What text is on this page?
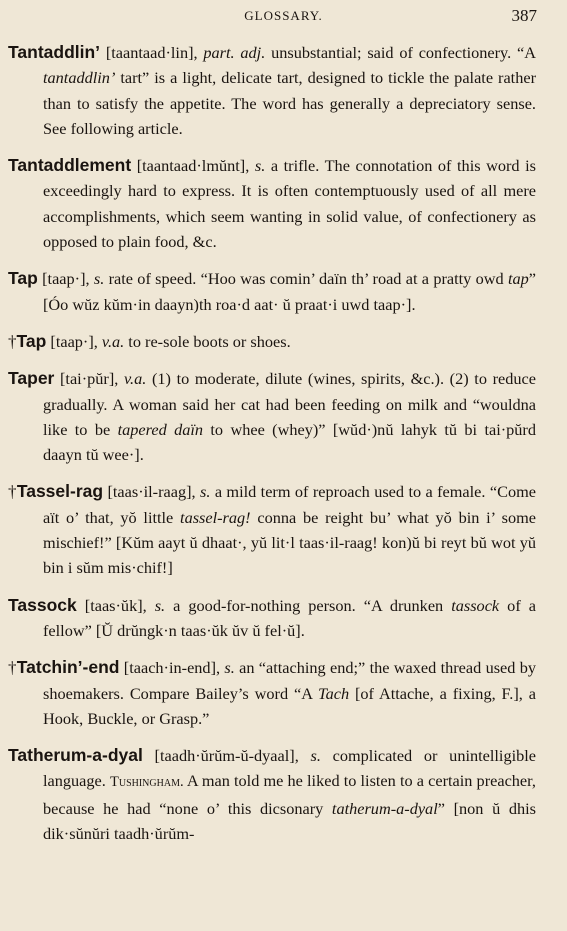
GLOSSARY.	387

Tantaddlin’ [taantaad·lin], part. adj. unsubstantial; said of confectionery. “A tantaddlin’ tart” is a light, delicate tart, designed to tickle the palate rather than to satisfy the appetite. The word has generally a depreciatory sense. See following article.

Tantaddlement [taantaad·lmŭnt], s. a trifle. The connotation of this word is exceedingly hard to express. It is often contemptuously used of all mere accomplishments, which seem wanting in solid value, of confectionery as opposed to plain food, &c.

Tap [taap·], s. rate of speed. “Hoo was comin’ daïn th’ road at a pratty owd tap” [Óo wŭz kŭm·in daayn)th roa·d aat· ŭ praat·i uwd taap·].

†Tap [taap·], v.a. to re-sole boots or shoes.

Taper [tai·pŭr], v.a. (1) to moderate, dilute (wines, spirits, &c.). (2) to reduce gradually. A woman said her cat had been feeding on milk and “wouldna like to be tapered daïn to whee (whey)” [wŭd·)nŭ lahyk tŭ bi tai·pŭrd daayn tŭ wee·].

†Tassel-rag [taas·il-raag], s. a mild term of reproach used to a female. “Come aït o’ that, yŏ little tassel-rag! conna be reight bu’ what yŏ bin i’ some mischief!” [Kŭm aayt ŭ dhaat·, yŭ lit·l taas·il-raag! kon)ŭ bi reyt bŭ wot yŭ bin i sŭm mis·chif!]

Tassock [taas·ŭk], s. a good-for-nothing person. “A drunken tassock of a fellow” [Ŭ drŭngk·n taas·ŭk ŭv ŭ fel·ŭ].

†Tatchin’-end [taach·in-end], s. an “attaching end;” the waxed thread used by shoemakers. Compare Bailey’s word “A Tach [of Attache, a fixing, F.], a Hook, Buckle, or Grasp.”

Tatherum-a-dyal [taadh·ŭrŭm-ŭ-dyaal], s. complicated or unintelligible language. Tushingham. A man told me he liked to listen to a certain preacher, because he had “none o’ this dicsonary tatherum-a-dyal” [non ŭ dhis dik·sŭnŭri taadh·ŭrŭm-
